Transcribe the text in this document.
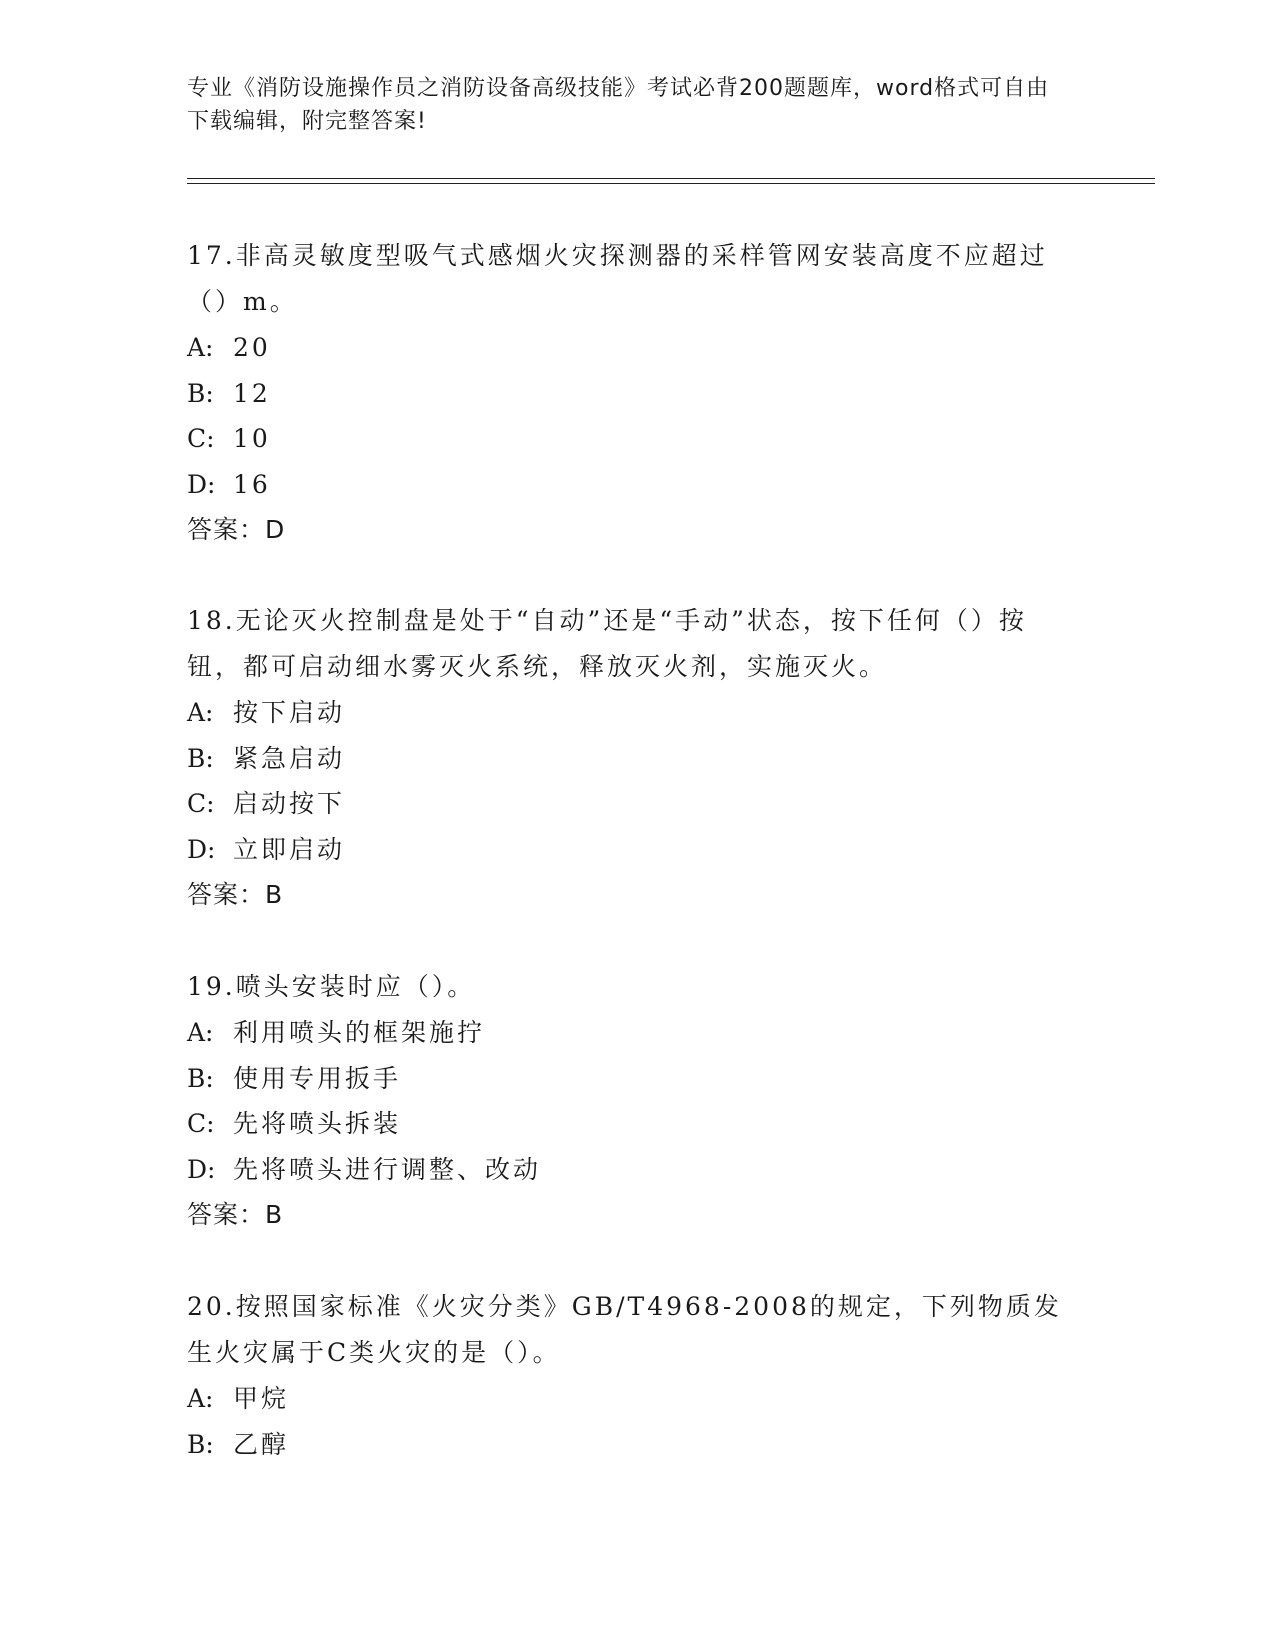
专业《消防设施操作员之消防设备高级技能》考试必背200题题库，word格式可自由下载编辑，附完整答案!
17.非高灵敏度型吸气式感烟火灾探测器的采样管网安装高度不应超过（）m。
A: 20
B: 12
C: 10
D: 16
答案：D
18.无论灭火控制盘是处于“自动”还是“手动”状态，按下任何（）按钮，都可启动细水雾灭火系统，释放灭火剂，实施灭火。
A: 按下启动
B: 紧急启动
C: 启动按下
D: 立即启动
答案：B
19.喷头安装时应（）。
A: 利用喷头的框架施拧
B: 使用专用扳手
C: 先将喷头拆装
D: 先将喷头进行调整、改动
答案：B
20.按照国家标准《火灾分类》GB/T4968-2008的规定，下列物质发生火灾属于C类火灾的是（）。
A: 甲烷
B: 乙醇
